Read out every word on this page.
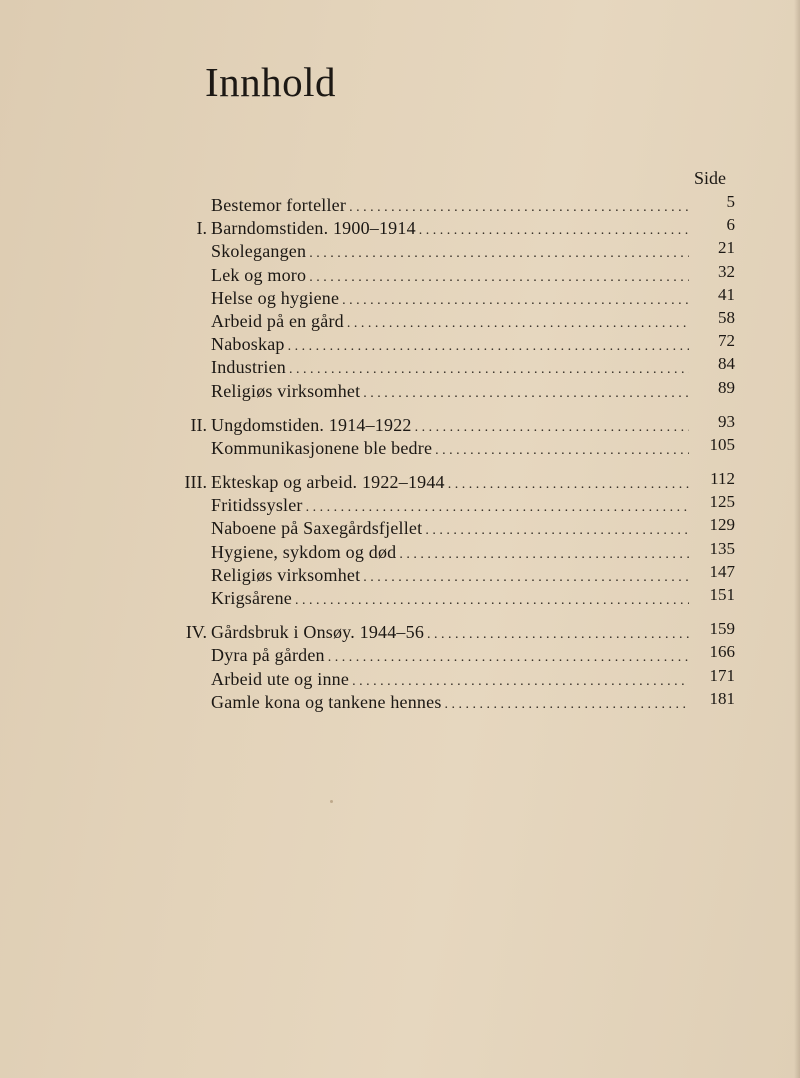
Innhold
Side
Bestemor forteller . . .	5
I. Barndomstiden. 1900–1914 . . .	6
Skolegangen . . .	21
Lek og moro . . .	32
Helse og hygiene . . .	41
Arbeid på en gård . . .	58
Naboskap . . .	72
Industrien . . .	84
Religiøs virksomhet . . .	89
II. Ungdomstiden. 1914–1922 . . .	93
Kommunikasjonene ble bedre . . .	105
III. Ekteskap og arbeid. 1922–1944 . . .	112
Fritidssysler . . .	125
Naboene på Saxegårdsfjellet . . .	129
Hygiene, sykdom og død . . .	135
Religiøs virksomhet . . .	147
Krigsårene . . .	151
IV. Gårdsbruk i Onsøy. 1944–56 . . .	159
Dyra på gården . . .	166
Arbeid ute og inne . . .	171
Gamle kona og tankene hennes . . .	181
